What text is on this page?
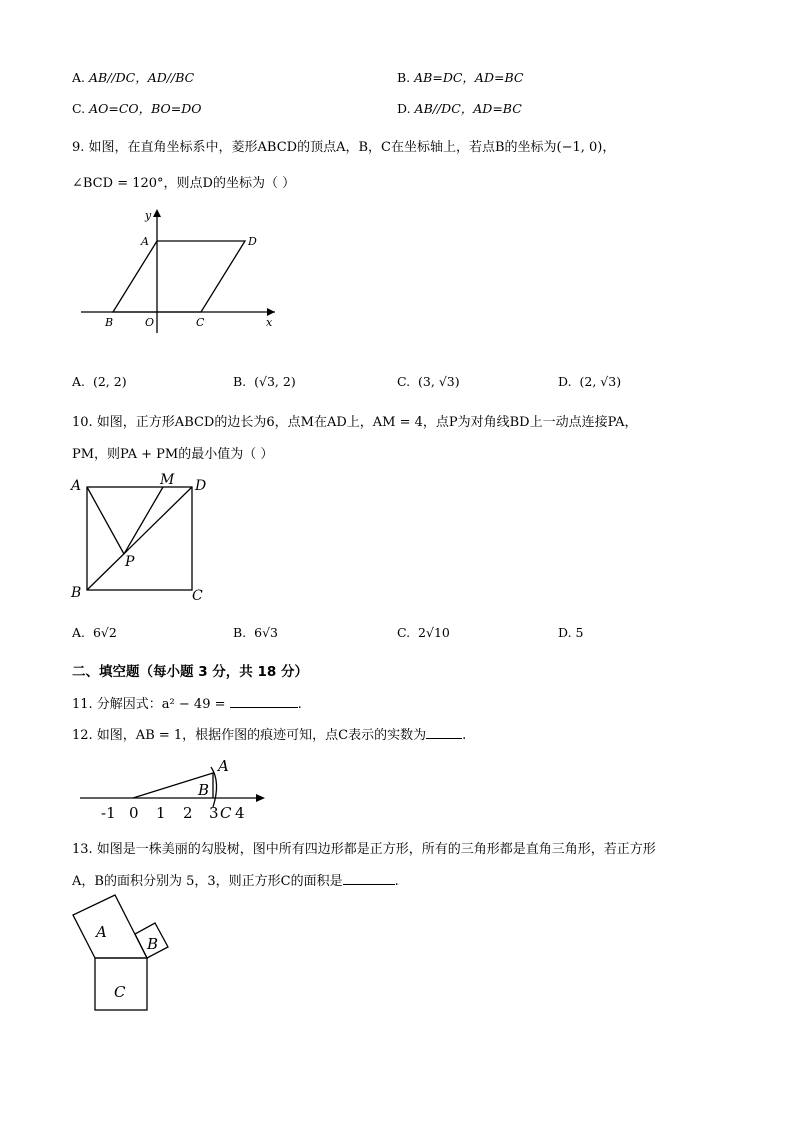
A. AB//DC，AD//BC	B. AB=DC，AD=BC
C. AO=CO，BO=DO	D. AB//DC，AD=BC
9. 如图，在直角坐标系中，菱形ABCD的顶点A，B，C在坐标轴上，若点B的坐标为(−1, 0)，
∠BCD = 120°，则点D的坐标为（ ）
y
x
A	D
B	O	C
A. (2, 2)	B. (√3, 2)	C. (3, √3)	D. (2, √3)
10. 如图，正方形ABCD的边长为6，点M在AD上，AM = 4，点P为对角线BD上一动点连接PA，
PM，则PA + PM的最小值为（ ）
A	M D
P
B	C
A. 6√2	B. 6√3	C. 2√10	D. 5
二、填空题（每小题 3 分，共 18 分）
11. 分解因式：a² − 49 =	.
12. 如图，AB = 1，根据作图的痕迹可知，点C表示的实数为	.
-1 0 1 2 3 4
A
B
C
13. 如图是一株美丽的勾股树，图中所有四边形都是正方形，所有的三角形都是直角三角形，若正方形
A，B的面积分别为 5，3，则正方形C的面积是	.
A
B
C
